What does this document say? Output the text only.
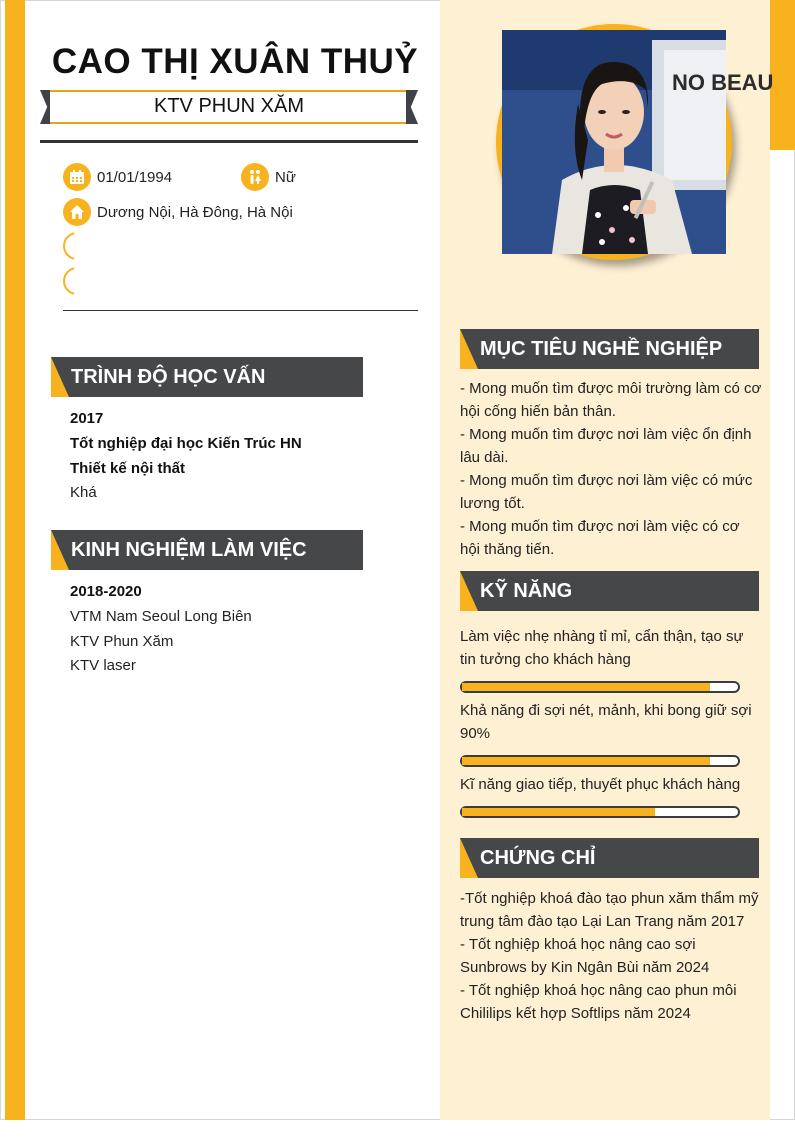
CAO THỊ XUÂN THUỶ
KTV PHUN XĂM
01/01/1994	Nữ
Dương Nội, Hà Đông, Hà Nội
TRÌNH ĐỘ HỌC VẤN
2017
Tốt nghiệp đại học Kiến Trúc HN
Thiết kế nội thất
Khá
KINH NGHIỆM LÀM VIỆC
2018-2020
VTM Nam Seoul Long Biên
KTV Phun Xăm
KTV laser
NO BEAU
MỤC TIÊU NGHỀ NGHIỆP
- Mong muốn tìm được môi trường làm có cơ hội cống hiến bản thân.
- Mong muốn tìm được nơi làm việc ổn định lâu dài.
- Mong muốn tìm được nơi làm việc có mức lương tốt.
- Mong muốn tìm được nơi làm việc có cơ hội thăng tiến.
KỸ NĂNG
Làm việc nhẹ nhàng tỉ mỉ, cẩn thận, tạo sự tin tưởng cho khách hàng
Khả năng đi sợi nét, mảnh, khi bong giữ sợi 90%
Kĩ năng giao tiếp, thuyết phục khách hàng
CHỨNG CHỈ
-Tốt nghiệp khoá đào tạo phun xăm thẩm mỹ trung tâm đào tạo Lại Lan Trang năm 2017
- Tốt nghiệp khoá học nâng cao sợi Sunbrows by Kin Ngân Bùi năm 2024
- Tốt nghiệp khoá học nâng cao phun môi Chililips kết hợp Softlips năm 2024
